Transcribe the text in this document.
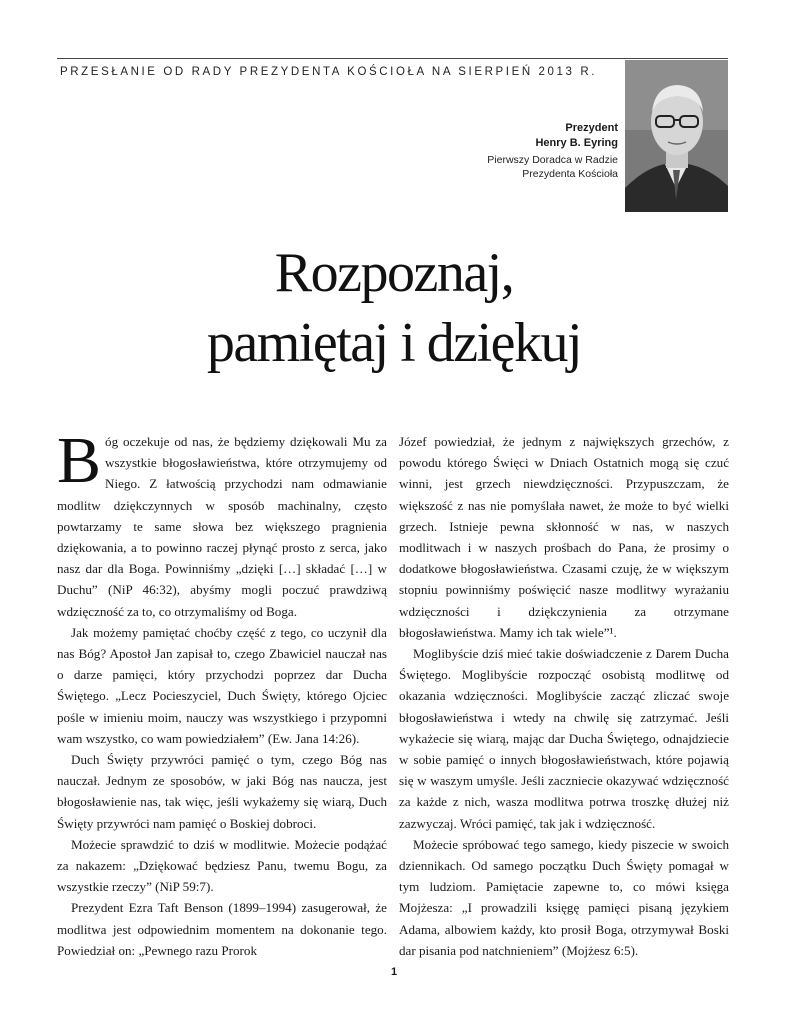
PRZESŁANIE OD RADY PREZYDENTA KOŚCIOŁA NA SIERPIEŃ 2013 R.
Prezydent
Henry B. Eyring
Pierwszy Doradca w Radzie
Prezydenta Kościoła
Rozpoznaj,
pamiętaj i dziękuj

Bóg oczekuje od nas, że będziemy dziękowali Mu za wszystkie błogosławieństwa, które otrzymujemy od Niego. Z łatwością przychodzi nam odmawianie modlitw dziękczynnych w sposób machinalny, często powtarzamy te same słowa bez większego pragnienia dziękowania, a to powinno raczej płynąć prosto z serca, jako nasz dar dla Boga. Powinniśmy „dzięki […] składać […] w Duchu” (NiP 46:32), abyśmy mogli poczuć prawdziwą wdzięczność za to, co otrzymaliśmy od Boga.

Jak możemy pamiętać choćby część z tego, co uczynił dla nas Bóg? Apostoł Jan zapisał to, czego Zbawiciel nauczał nas o darze pamięci, który przychodzi poprzez dar Ducha Świętego. „Lecz Pocieszyciel, Duch Święty, którego Ojciec pośle w imieniu moim, nauczy was wszystkiego i przypomni wam wszystko, co wam powiedziałem” (Ew. Jana 14:26).

Duch Święty przywróci pamięć o tym, czego Bóg nas nauczał. Jednym ze sposobów, w jaki Bóg nas naucza, jest błogosławienie nas, tak więc, jeśli wykażemy się wiarą, Duch Święty przywróci nam pamięć o Boskiej dobroci.

Możecie sprawdzić to dziś w modlitwie. Możecie podążać za nakazem: „Dziękować będziesz Panu, twemu Bogu, za wszystkie rzeczy” (NiP 59:7).

Prezydent Ezra Taft Benson (1899–1994) zasugerował, że modlitwa jest odpowiednim momentem na dokonanie tego. Powiedział on: „Pewnego razu Prorok

Józef powiedział, że jednym z największych grzechów, z powodu którego Święci w Dniach Ostatnich mogą się czuć winni, jest grzech niewdzięczności. Przypuszczam, że większość z nas nie pomyślała nawet, że może to być wielki grzech. Istnieje pewna skłonność w nas, w naszych modlitwach i w naszych prośbach do Pana, że prosimy o dodatkowe błogosławieństwa. Czasami czuję, że w większym stopniu powinniśmy poświęcić nasze modlitwy wyrażaniu wdzięczności i dziękczynienia za otrzymane błogosławieństwa. Mamy ich tak wiele”¹.

Moglibyście dziś mieć takie doświadczenie z Darem Ducha Świętego. Moglibyście rozpocząć osobistą modlitwę od okazania wdzięczności. Moglibyście zacząć zliczać swoje błogosławieństwa i wtedy na chwilę się zatrzymać. Jeśli wykażecie się wiarą, mając dar Ducha Świętego, odnajdziecie w sobie pamięć o innych błogosławieństwach, które pojawią się w waszym umyśle. Jeśli zaczniecie okazywać wdzięczność za każde z nich, wasza modlitwa potrwa troszkę dłużej niż zazwyczaj. Wróci pamięć, tak jak i wdzięczność.

Możecie spróbować tego samego, kiedy piszecie w swoich dziennikach. Od samego początku Duch Święty pomagał w tym ludziom. Pamiętacie zapewne to, co mówi księga Mojżesza: „I prowadzili księgę pamięci pisaną językiem Adama, albowiem każdy, kto prosił Boga, otrzymywał Boski dar pisania pod natchnieniem” (Mojżesz 6:5).

1
